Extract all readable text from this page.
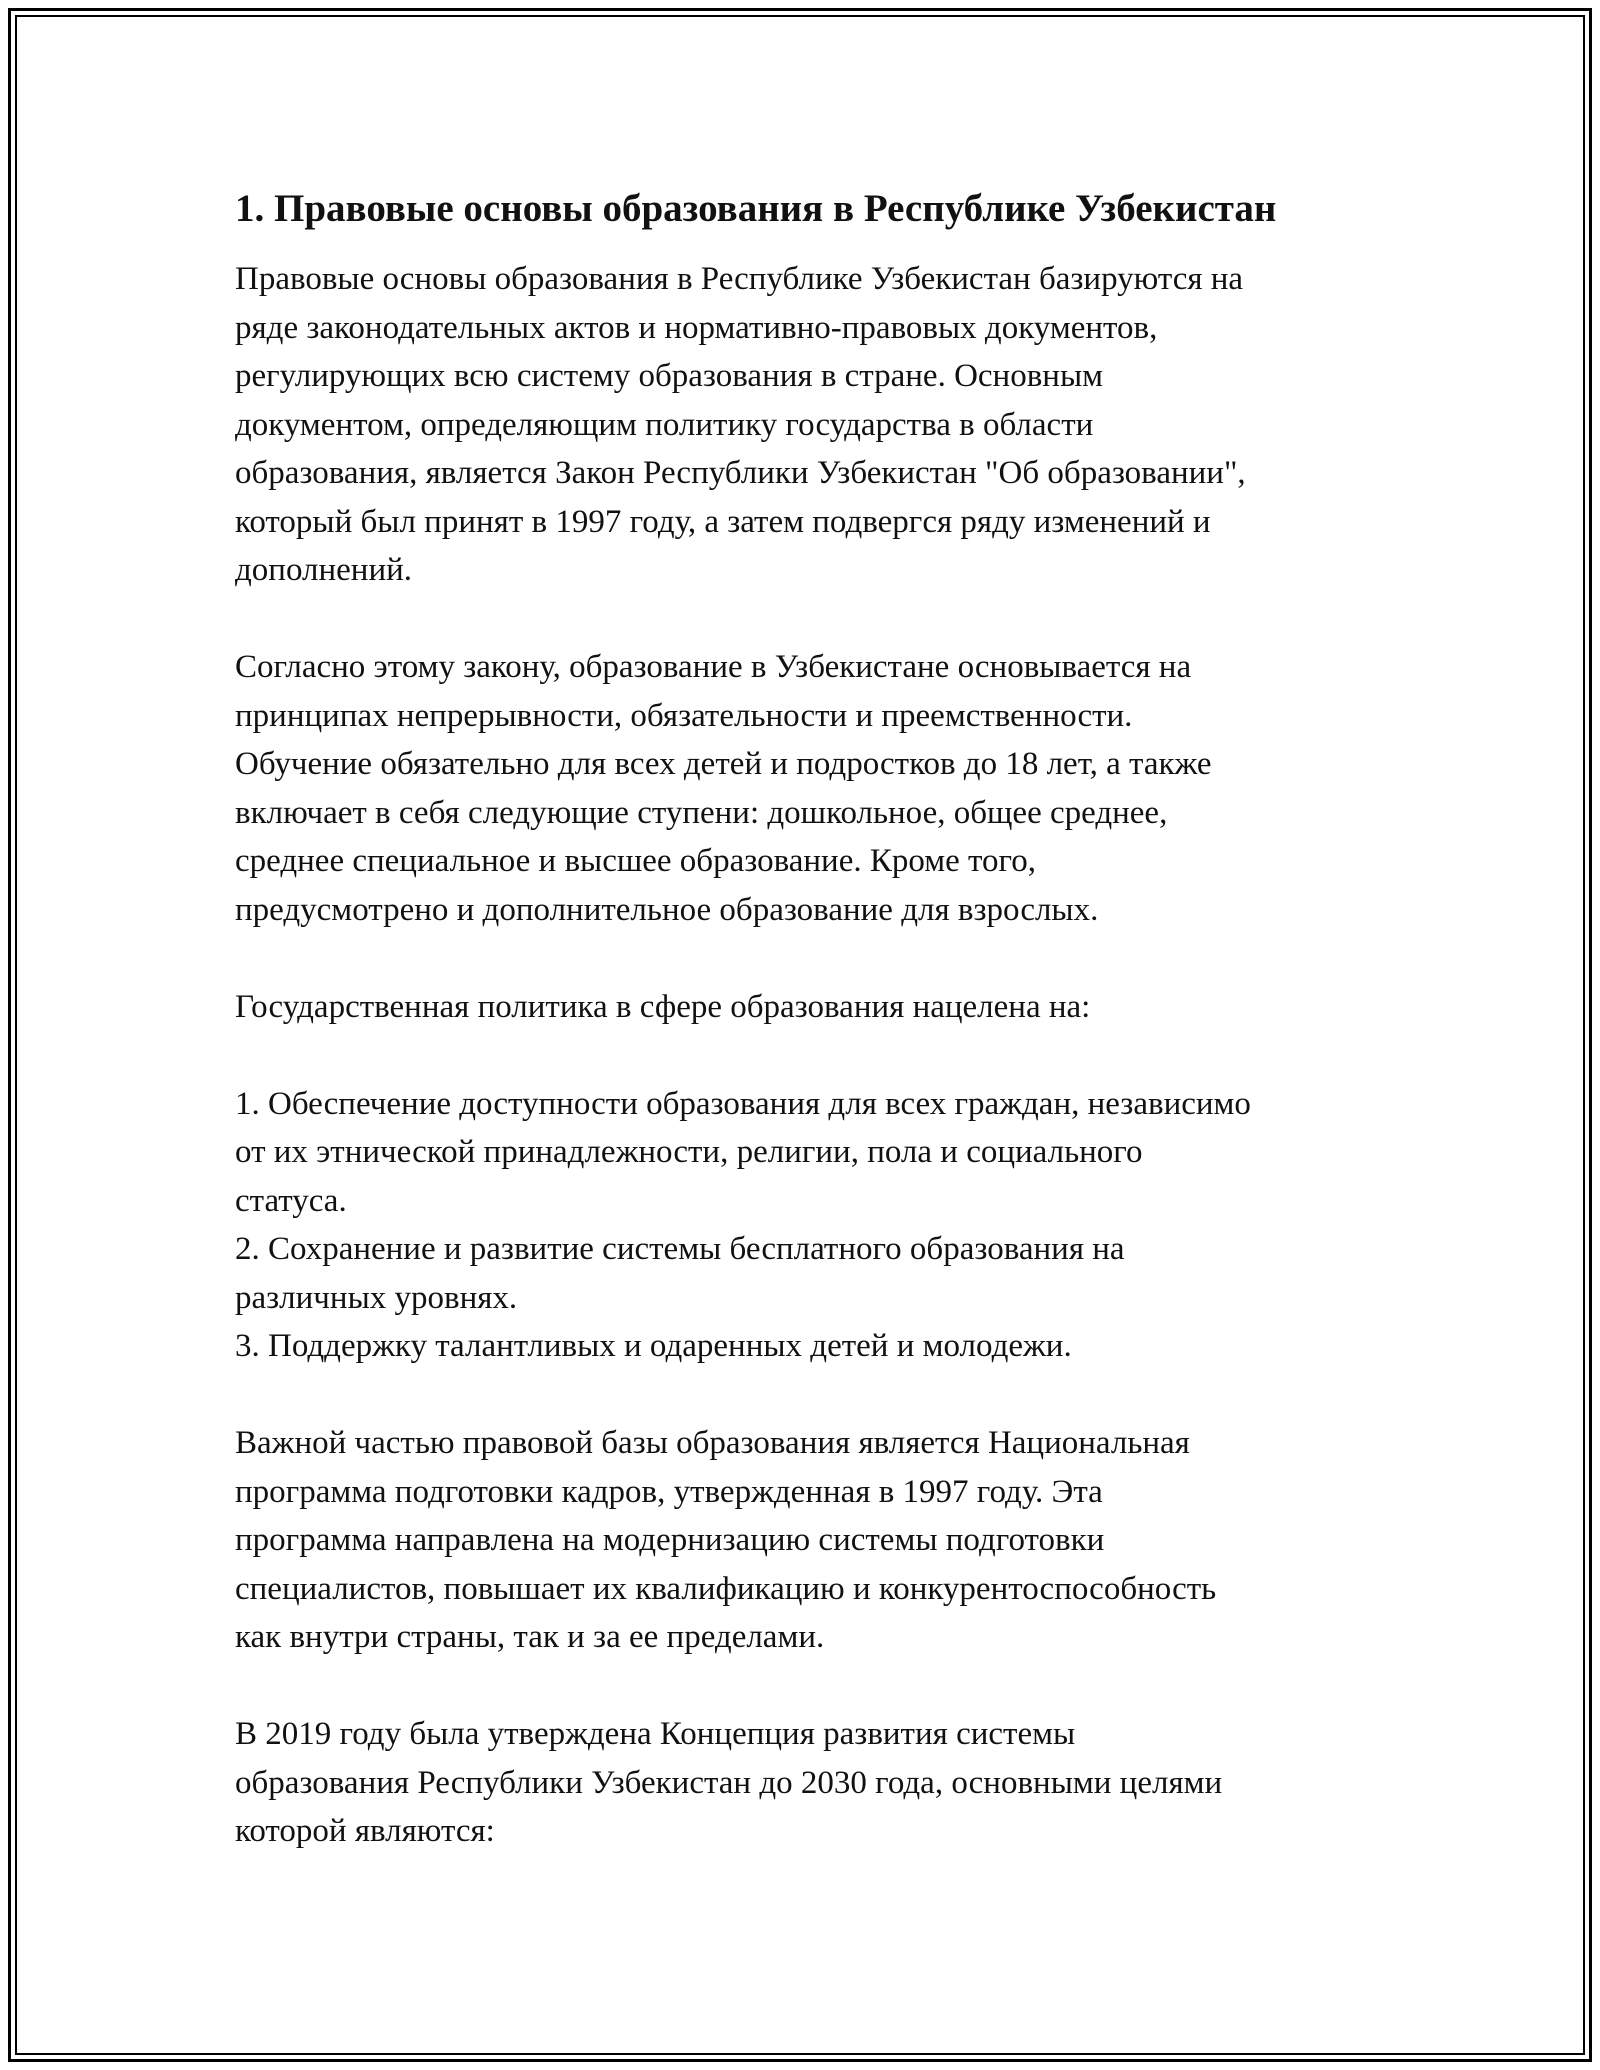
1. Правовые основы образования в Республике Узбекистан

Правовые основы образования в Республике Узбекистан базируются на
ряде законодательных актов и нормативно-правовых документов,
регулирующих всю систему образования в стране. Основным
документом, определяющим политику государства в области
образования, является Закон Республики Узбекистан "Об образовании",
который был принят в 1997 году, а затем подвергся ряду изменений и
дополнений.

Согласно этому закону, образование в Узбекистане основывается на
принципах непрерывности, обязательности и преемственности.
Обучение обязательно для всех детей и подростков до 18 лет, а также
включает в себя следующие ступени: дошкольное, общее среднее,
среднее специальное и высшее образование. Кроме того,
предусмотрено и дополнительное образование для взрослых.

Государственная политика в сфере образования нацелена на:

1. Обеспечение доступности образования для всех граждан, независимо
от их этнической принадлежности, религии, пола и социального
статуса.

2. Сохранение и развитие системы бесплатного образования на
различных уровнях.

3. Поддержку талантливых и одаренных детей и молодежи.

Важной частью правовой базы образования является Национальная
программа подготовки кадров, утвержденная в 1997 году. Эта
программа направлена на модернизацию системы подготовки
специалистов, повышает их квалификацию и конкурентоспособность
как внутри страны, так и за ее пределами.

В 2019 году была утверждена Концепция развития системы
образования Республики Узбекистан до 2030 года, основными целями
которой являются:
